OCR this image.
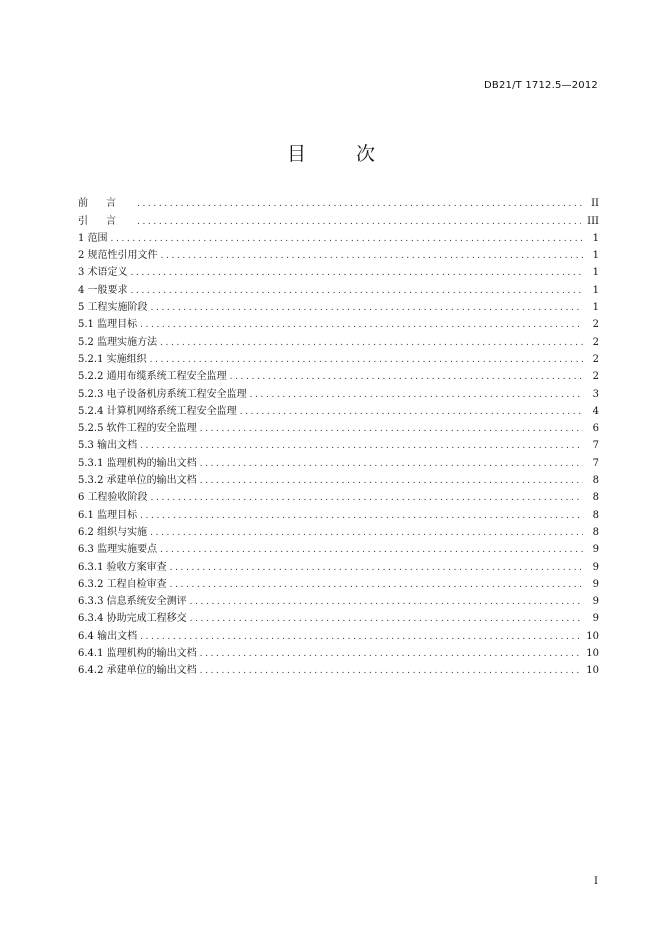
DB21/T 1712.5—2012
目	次
前言 .....	II
引言 .....	III
1 范围 .....	1
2 规范性引用文件 .....	1
3 术语定义 .....	1
4 一般要求 .....	1
5 工程实施阶段 .....	1
5.1 监理目标 .....	2
5.2 监理实施方法 .....	2
5.2.1 实施组织 .....	2
5.2.2 通用布缆系统工程安全监理 .....	2
5.2.3 电子设备机房系统工程安全监理 .....	3
5.2.4 计算机网络系统工程安全监理 .....	4
5.2.5 软件工程的安全监理 .....	6
5.3 输出文档 .....	7
5.3.1 监理机构的输出文档 .....	7
5.3.2 承建单位的输出文档 .....	8
6 工程验收阶段 .....	8
6.1 监理目标 .....	8
6.2 组织与实施 .....	8
6.3 监理实施要点 .....	9
6.3.1 验收方案审查 .....	9
6.3.2 工程自检审查 .....	9
6.3.3 信息系统安全测评 .....	9
6.3.4 协助完成工程移交 .....	9
6.4 输出文档 .....	10
6.4.1 监理机构的输出文档 .....	10
6.4.2 承建单位的输出文档 .....	10
I
